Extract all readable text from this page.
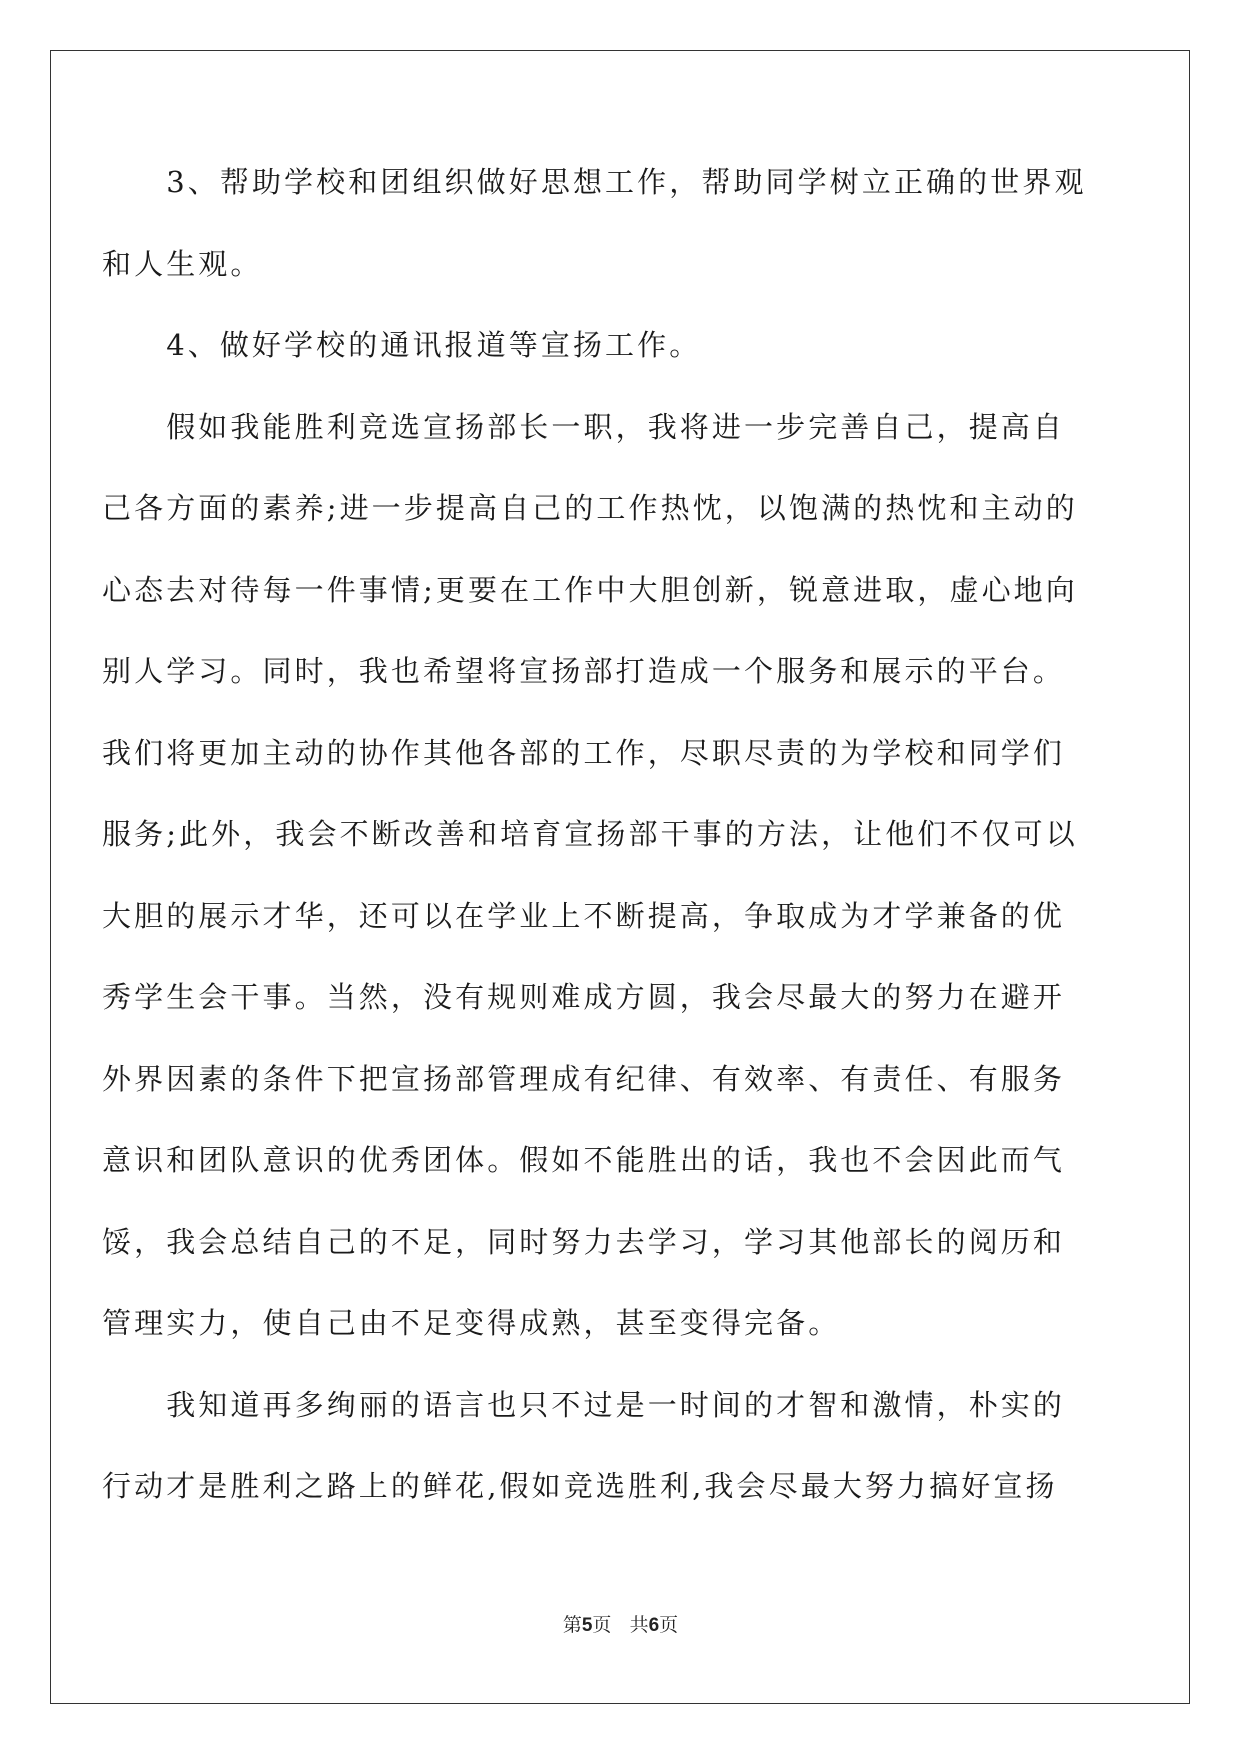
　　3、帮助学校和团组织做好思想工作，帮助同学树立正确的世界观
和人生观。
　　4、做好学校的通讯报道等宣扬工作。
　　假如我能胜利竞选宣扬部长一职，我将进一步完善自己，提高自
己各方面的素养;进一步提高自己的工作热忱，以饱满的热忱和主动的
心态去对待每一件事情;更要在工作中大胆创新，锐意进取，虚心地向
别人学习。同时，我也希望将宣扬部打造成一个服务和展示的平台。
我们将更加主动的协作其他各部的工作，尽职尽责的为学校和同学们
服务;此外，我会不断改善和培育宣扬部干事的方法，让他们不仅可以
大胆的展示才华，还可以在学业上不断提高，争取成为才学兼备的优
秀学生会干事。当然，没有规则难成方圆，我会尽最大的努力在避开
外界因素的条件下把宣扬部管理成有纪律、有效率、有责任、有服务
意识和团队意识的优秀团体。假如不能胜出的话，我也不会因此而气
馁，我会总结自己的不足，同时努力去学习，学习其他部长的阅历和
管理实力，使自己由不足变得成熟，甚至变得完备。
　　我知道再多绚丽的语言也只不过是一时间的才智和激情，朴实的
行动才是胜利之路上的鲜花,假如竞选胜利,我会尽最大努力搞好宣扬
第5页 共6页
